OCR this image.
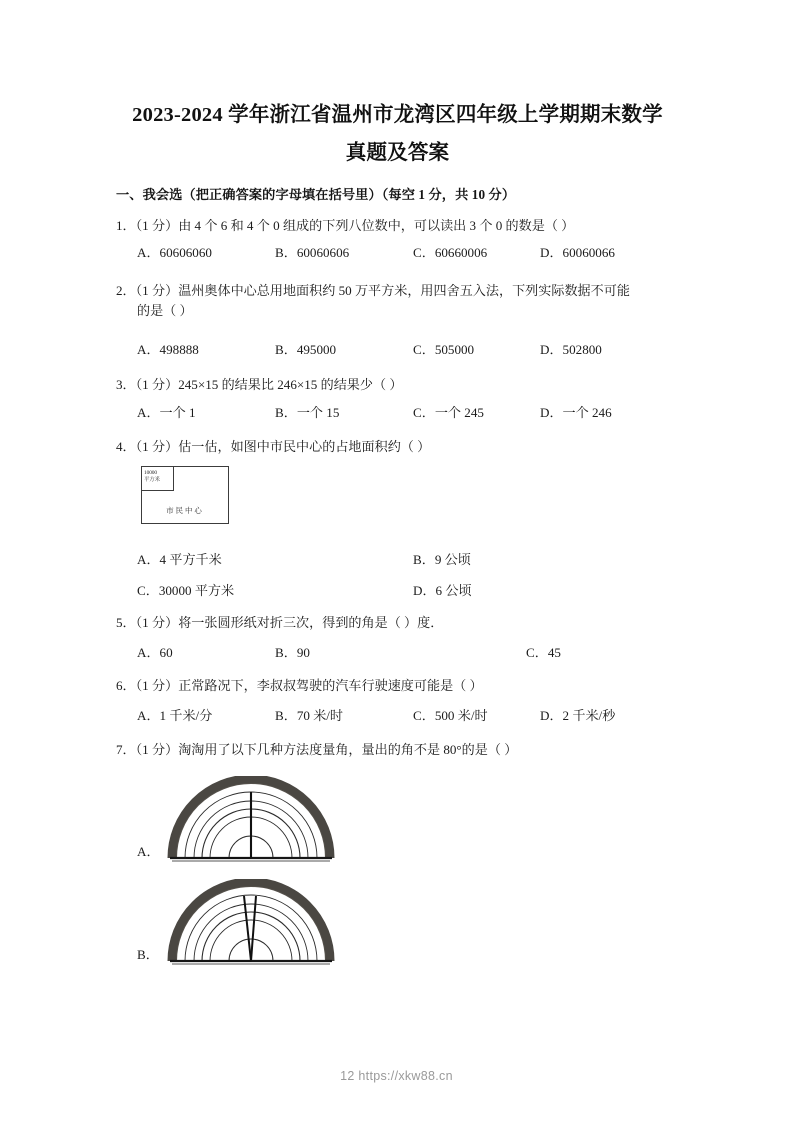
2023-2024 学年浙江省温州市龙湾区四年级上学期期末数学
真题及答案
一、我会选（把正确答案的字母填在括号里）（每空 1 分，共 10 分）
1．（1 分）由 4 个 6 和 4 个 0 组成的下列八位数中，可以读出 3 个 0 的数是（ ）
A．60606060	B．60060606	C．60660006	D．60060066
2．（1 分）温州奥体中心总用地面积约 50 万平方米，用四舍五入法，下列实际数据不可能
的是（ ）
A．498888	B．495000	C．505000	D．502800
3．（1 分）245×15 的结果比 246×15 的结果少（ ）
A．一个 1	B．一个 15	C．一个 245	D．一个 246
4．（1 分）估一估，如图中市民中心的占地面积约（ ）
10000
平方米
市民中心
A．4 平方千米	B．9 公顷
C．30000 平方米	D．6 公顷
5．（1 分）将一张圆形纸对折三次，得到的角是（ ）度．
A．60	B．90	C．45
6．（1 分）正常路况下，李叔叔驾驶的汽车行驶速度可能是（ ）
A．1 千米/分	B．70 米/时	C．500 米/时	D．2 千米/秒
7．（1 分）淘淘用了以下几种方法度量角，量出的角不是 80°的是（ ）
A．
B．
12 https://xkw88.cn
